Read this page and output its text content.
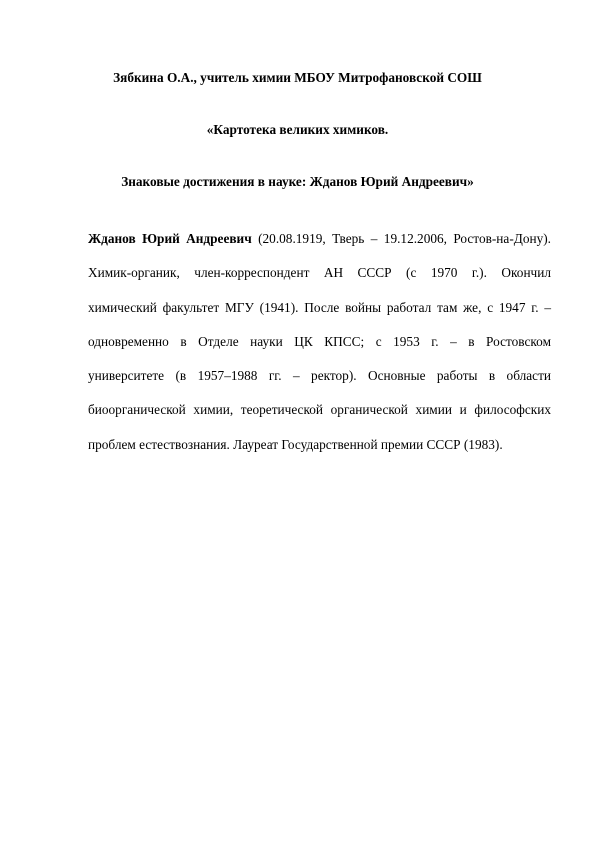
Зябкина О.А., учитель химии МБОУ Митрофановской СОШ
«Картотека великих химиков.
Знаковые достижения в науке: Жданов Юрий Андреевич»
Жданов Юрий Андреевич (20.08.1919, Тверь – 19.12.2006, Ростов-на-Дону).
Химик-органик, член-корреспондент АН СССР (с 1970 г.). Окончил
химический факультет МГУ (1941). После войны работал там же, с 1947 г. –
одновременно в Отделе науки ЦК КПСС; с 1953 г. – в Ростовском
университете (в 1957–1988 гг. – ректор). Основные работы в области
биоорганической химии, теоретической органической химии и философских
проблем естествознания. Лауреат Государственной премии СССР (1983).
